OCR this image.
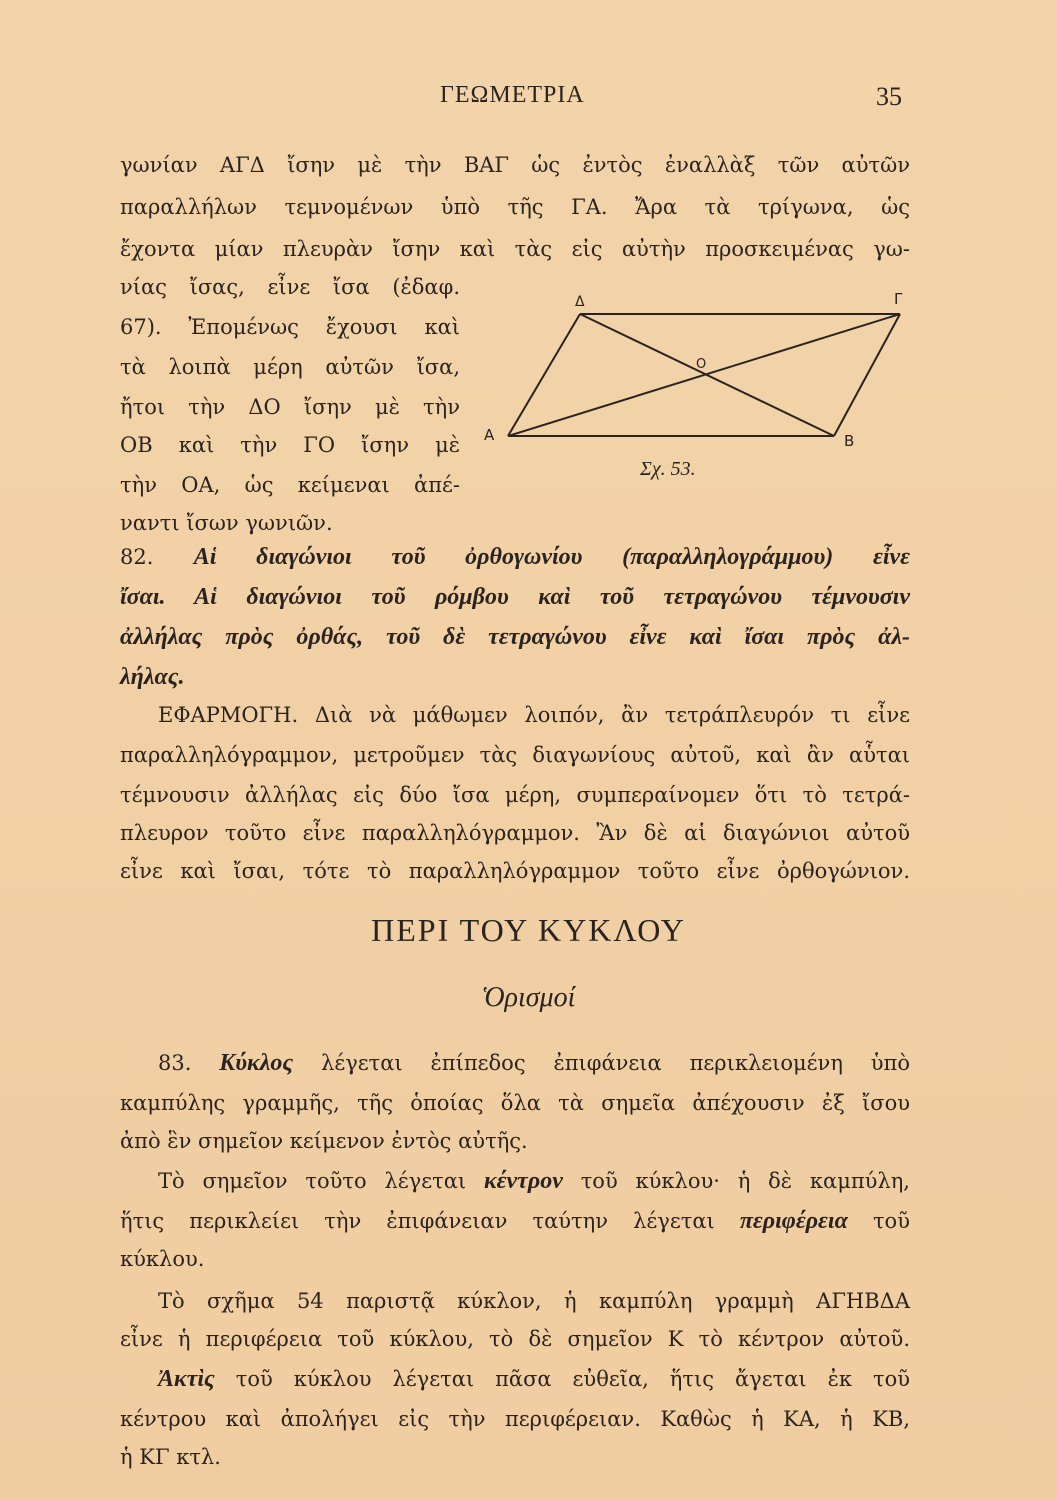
ΓΕΩΜΕΤΡΙΑ	35
γωνίαν ΑΓΔ ἴσην μὲ τὴν ΒΑΓ ὡς ἐντὸς ἐναλλὰξ τῶν αὐτῶν
παραλλήλων τεμνομένων ὑπὸ τῆς ΓΑ. Ἄρα τὰ τρίγωνα, ὡς
ἔχοντα μίαν πλευρὰν ἴσην καὶ τὰς εἰς αὐτὴν προσκειμένας γω-
νίας ἴσας, εἶνε ἴσα (ἐδαφ.
67). Ἐπομένως ἔχουσι καὶ
τὰ λοιπὰ μέρη αὐτῶν ἴσα,
ἤτοι τὴν ΔΟ ἴσην μὲ τὴν
ΟΒ καὶ τὴν ΓΟ ἴσην μὲ
τὴν ΟΑ, ὡς κείμεναι ἀπέ-
ναντι ἴσων γωνιῶν.
Δ	Γ
Ο
Β
Α
Σχ. 53.
82. Αἱ διαγώνιοι τοῦ ὀρθογωνίου (παραλληλογράμμου) εἶνε
ἴσαι. Αἱ διαγώνιοι τοῦ ρόμβου καὶ τοῦ τετραγώνου τέμνουσιν
ἀλλήλας πρὸς ὀρθάς, τοῦ δὲ τετραγώνου εἶνε καὶ ἴσαι πρὸς ἀλ-
λήλας.
ΕΦΑΡΜΟΓΗ. Διὰ νὰ μάθωμεν λοιπόν, ἂν τετράπλευρόν τι εἶνε
παραλληλόγραμμον, μετροῦμεν τὰς διαγωνίους αὐτοῦ, καὶ ἂν αὗται
τέμνουσιν ἀλλήλας εἰς δύο ἴσα μέρη, συμπεραίνομεν ὅτι τὸ τετρά-
πλευρον τοῦτο εἶνε παραλληλόγραμμον. Ἂν δὲ αἱ διαγώνιοι αὐτοῦ
εἶνε καὶ ἴσαι, τότε τὸ παραλληλόγραμμον τοῦτο εἶνε ὀρθογώνιον.
ΠΕΡΙ ΤΟΥ ΚΥΚΛΟΥ
Ὁρισμοί
83. Κύκλος λέγεται ἐπίπεδος ἐπιφάνεια περικλειομένη ὑπὸ
καμπύλης γραμμῆς, τῆς ὁποίας ὅλα τὰ σημεῖα ἀπέχουσιν ἐξ ἴσου
ἀπὸ ἓν σημεῖον κείμενον ἐντὸς αὐτῆς.
Τὸ σημεῖον τοῦτο λέγεται κέντρον τοῦ κύκλου· ἡ δὲ καμπύλη,
ἥτις περικλείει τὴν ἐπιφάνειαν ταύτην λέγεται περιφέρεια τοῦ
κύκλου.
Τὸ σχῆμα 54 παριστᾷ κύκλον, ἡ καμπύλη γραμμὴ ΑΓΗΒΔΑ
εἶνε ἡ περιφέρεια τοῦ κύκλου, τὸ δὲ σημεῖον Κ τὸ κέντρον αὐτοῦ.
Ἀκτὶς τοῦ κύκλου λέγεται πᾶσα εὐθεῖα, ἥτις ἄγεται ἐκ τοῦ
κέντρου καὶ ἀπολήγει εἰς τὴν περιφέρειαν. Καθὼς ἡ ΚΑ, ἡ ΚΒ,
ἡ ΚΓ κτλ.
